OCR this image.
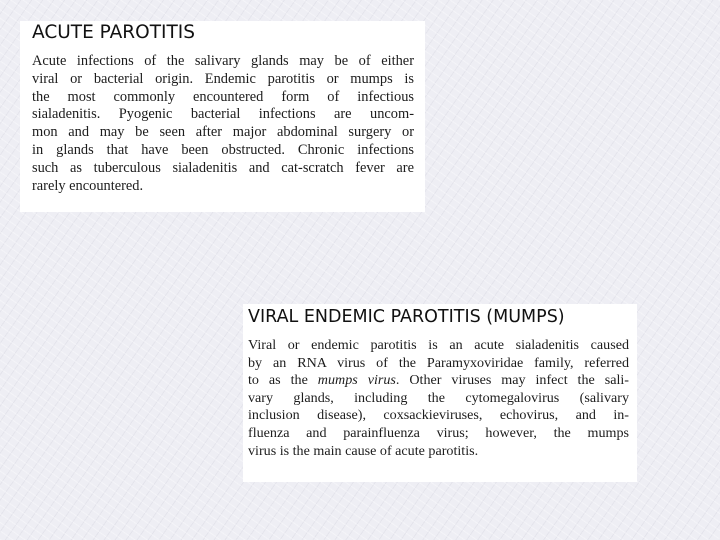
ACUTE PAROTITIS

Acute infections of the salivary glands may be of either
viral or bacterial origin. Endemic parotitis or mumps is
the most commonly encountered form of infectious
sialadenitis. Pyogenic bacterial infections are uncom-
mon and may be seen after major abdominal surgery or
in glands that have been obstructed. Chronic infections
such as tuberculous sialadenitis and cat-scratch fever are
rarely encountered.

VIRAL ENDEMIC PAROTITIS (MUMPS)

Viral or endemic parotitis is an acute sialadenitis caused
by an RNA virus of the Paramyxoviridae family, referred
to as the mumps virus. Other viruses may infect the sali-
vary glands, including the cytomegalovirus (salivary
inclusion disease), coxsackieviruses, echovirus, and in-
fluenza and parainfluenza virus; however, the mumps
virus is the main cause of acute parotitis.
